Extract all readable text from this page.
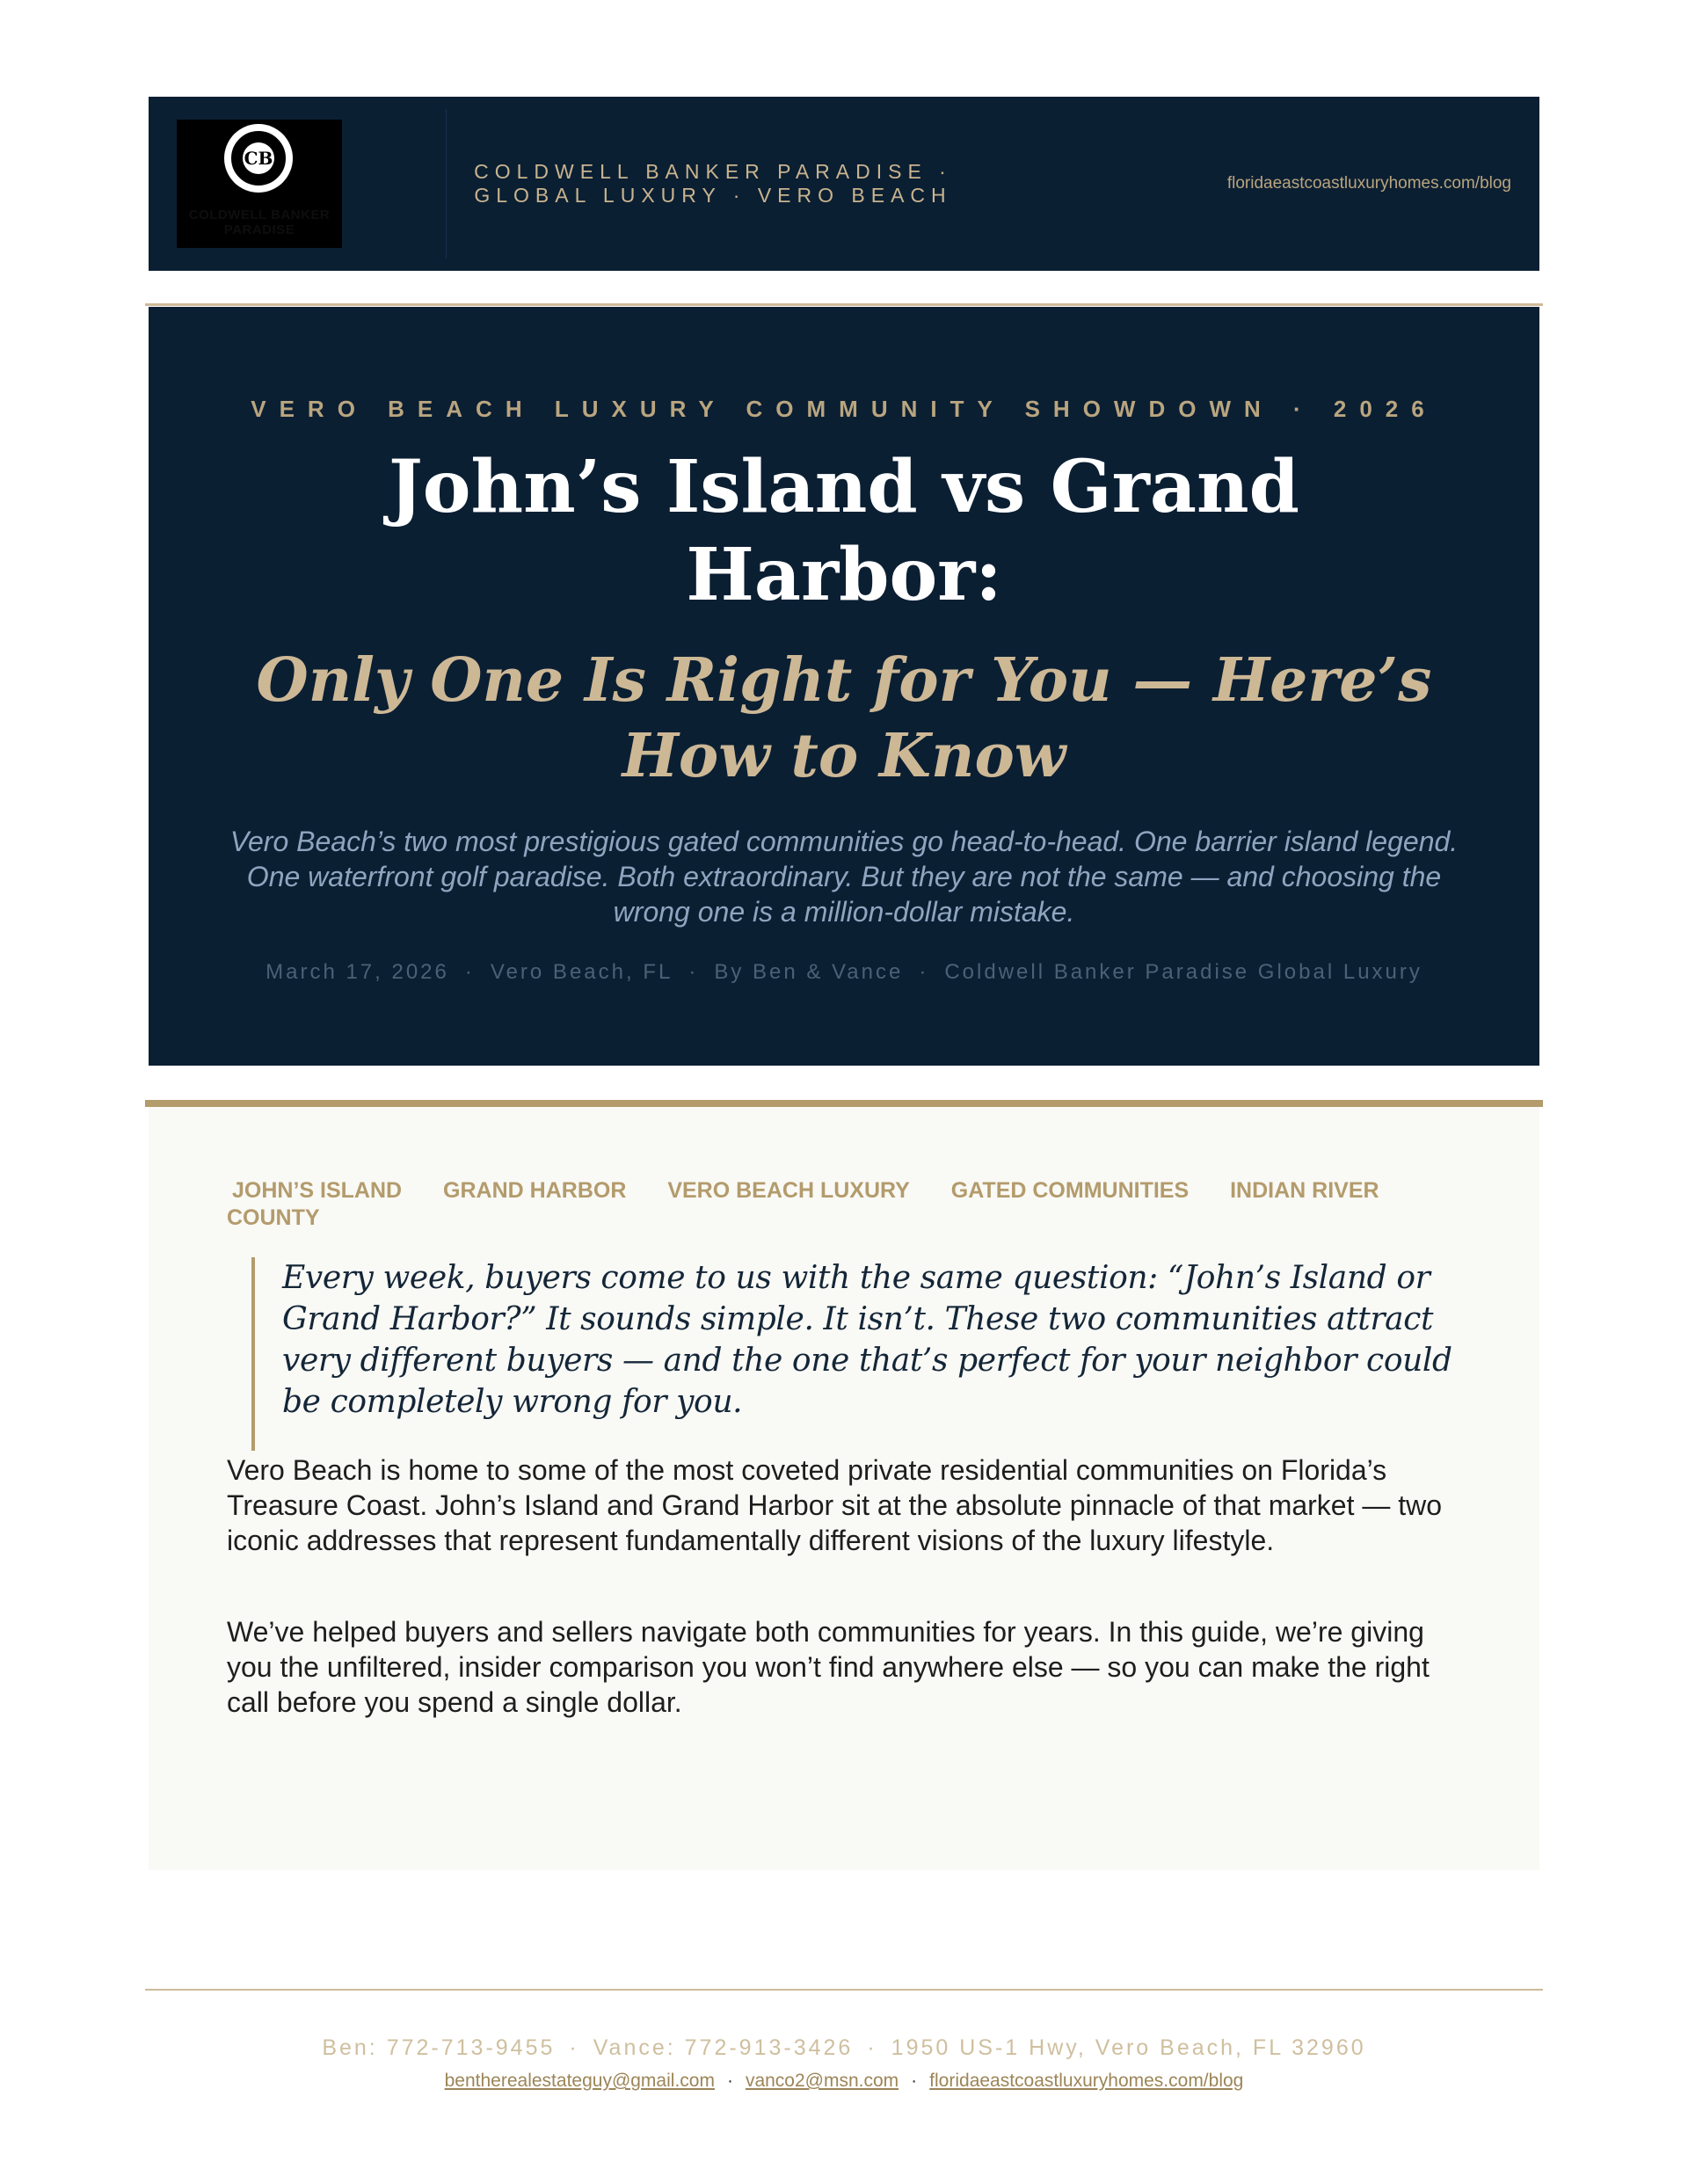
CB
COLDWELL BANKER
PARADISE
COLDWELL BANKER PARADISE · GLOBAL LUXURY · VERO BEACH
floridaeastcoastluxuryhomes.com/blog
VERO BEACH LUXURY COMMUNITY SHOWDOWN · 2026
John’s Island vs Grand Harbor:
Only One Is Right for You — Here’s How to Know

Vero Beach’s two most prestigious gated communities go head-to-head. One barrier island legend. One waterfront golf paradise. Both extraordinary. But they are not the same — and choosing the wrong one is a million-dollar mistake.

March 17, 2026 · Vero Beach, FL · By Ben & Vance · Coldwell Banker Paradise Global Luxury
JOHN’S ISLAND GRAND HARBOR VERO BEACH LUXURY GATED COMMUNITIES INDIAN RIVER COUNTY

Every week, buyers come to us with the same question: “John’s Island or Grand Harbor?” It sounds simple. It isn’t. These two communities attract very different buyers — and the one that’s perfect for your neighbor could be completely wrong for you.

Vero Beach is home to some of the most coveted private residential communities on Florida’s Treasure Coast. John’s Island and Grand Harbor sit at the absolute pinnacle of that market — two iconic addresses that represent fundamentally different visions of the luxury lifestyle.

We’ve helped buyers and sellers navigate both communities for years. In this guide, we’re giving you the unfiltered, insider comparison you won’t find anywhere else — so you can make the right call before you spend a single dollar.

Ben: 772-713-9455 · Vance: 772-913-3426 · 1950 US-1 Hwy, Vero Beach, FL 32960
bentherealestateguy@gmail.com · vanco2@msn.com · floridaeastcoastluxuryhomes.com/blog
